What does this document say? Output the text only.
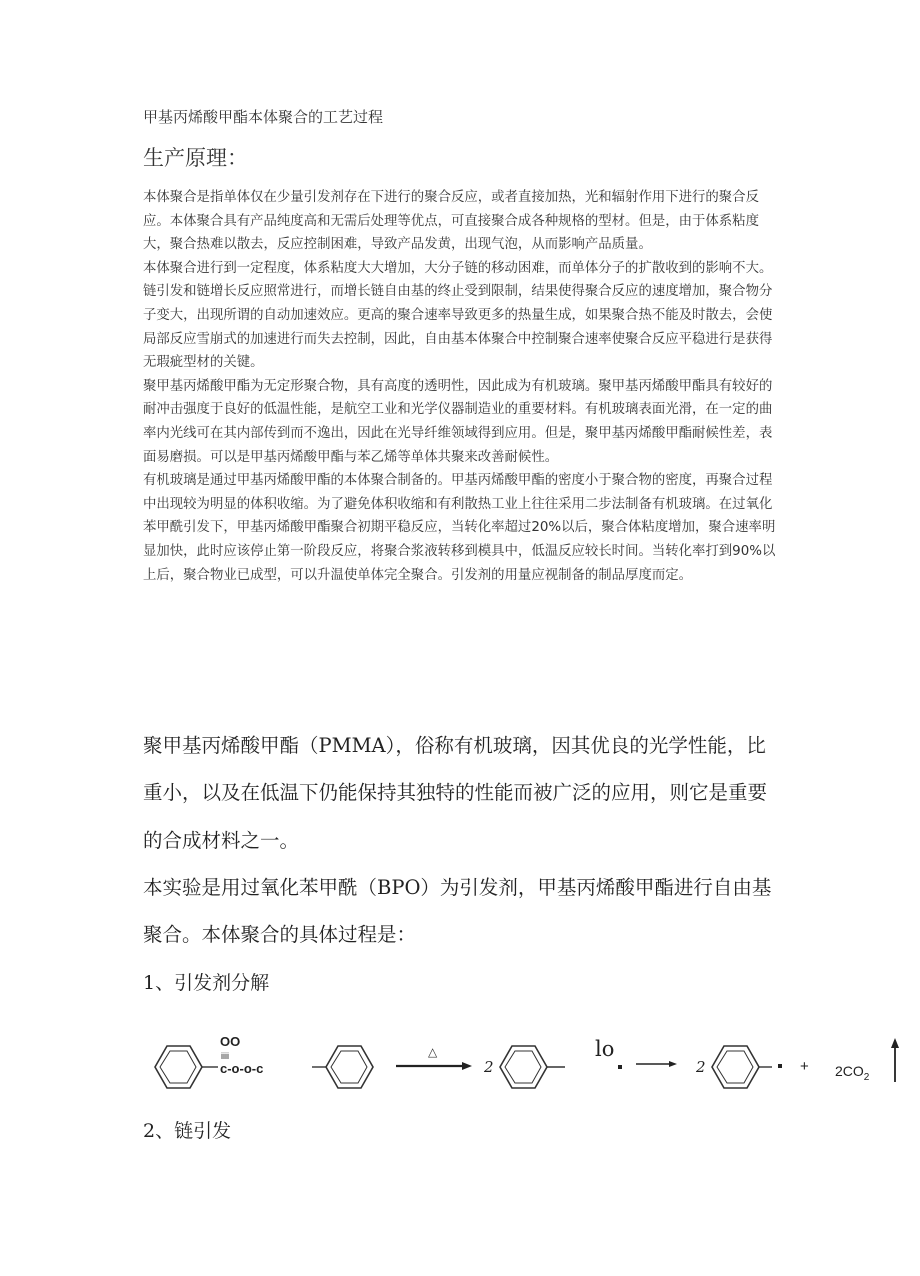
甲基丙烯酸甲酯本体聚合的工艺过程
生产原理：

本体聚合是指单体仅在少量引发剂存在下进行的聚合反应，或者直接加热，光和辐射作用下进行的聚合反应。本体聚合具有产品纯度高和无需后处理等优点，可直接聚合成各种规格的型材。但是，由于体系粘度大，聚合热难以散去，反应控制困难，导致产品发黄，出现气泡，从而影响产品质量。

本体聚合进行到一定程度，体系粘度大大增加，大分子链的移动困难，而单体分子的扩散收到的影响不大。链引发和链增长反应照常进行，而增长链自由基的终止受到限制，结果使得聚合反应的速度增加，聚合物分子变大，出现所谓的自动加速效应。更高的聚合速率导致更多的热量生成，如果聚合热不能及时散去，会使局部反应雪崩式的加速进行而失去控制，因此，自由基本体聚合中控制聚合速率使聚合反应平稳进行是获得无瑕疵型材的关键。

聚甲基丙烯酸甲酯为无定形聚合物，具有高度的透明性，因此成为有机玻璃。聚甲基丙烯酸甲酯具有较好的耐冲击强度于良好的低温性能，是航空工业和光学仪器制造业的重要材料。有机玻璃表面光滑，在一定的曲率内光线可在其内部传到而不逸出，因此在光导纤维领域得到应用。但是，聚甲基丙烯酸甲酯耐候性差，表面易磨损。可以是甲基丙烯酸甲酯与苯乙烯等单体共聚来改善耐候性。

有机玻璃是通过甲基丙烯酸甲酯的本体聚合制备的。甲基丙烯酸甲酯的密度小于聚合物的密度，再聚合过程中出现较为明显的体积收缩。为了避免体积收缩和有利散热工业上往往采用二步法制备有机玻璃。在过氧化苯甲酰引发下，甲基丙烯酸甲酯聚合初期平稳反应，当转化率超过20%以后，聚合体粘度增加，聚合速率明显加快，此时应该停止第一阶段反应，将聚合浆液转移到模具中，低温反应较长时间。当转化率打到90%以上后，聚合物业已成型，可以升温使单体完全聚合。引发剂的用量应视制备的制品厚度而定。

聚甲基丙烯酸甲酯（PMMA），俗称有机玻璃，因其优良的光学性能，比重小，以及在低温下仍能保持其独特的性能而被广泛的应用，则它是重要的合成材料之一。

本实验是用过氧化苯甲酰（BPO）为引发剂，甲基丙烯酸甲酯进行自由基聚合。本体聚合的具体过程是：

1、引发剂分解
OO
iiii
c-o-o-c
△
2
lo
2	+ $2CO_2$
2、链引发
